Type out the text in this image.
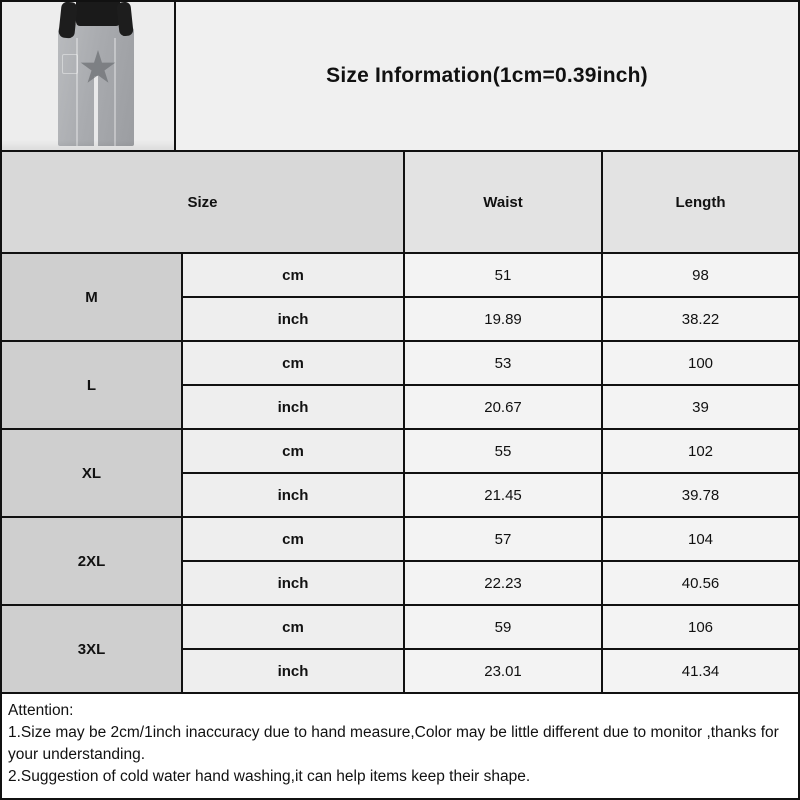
Size Information(1cm=0.39inch)
Size		Waist	Length
M	cm	51	98
	inch	19.89	38.22
L	cm	53	100
	inch	20.67	39
XL	cm	55	102
	inch	21.45	39.78
2XL	cm	57	104
	inch	22.23	40.56
3XL	cm	59	106
	inch	23.01	41.34

Attention:

1.Size may be 2cm/1inch inaccuracy due to hand measure,Color may be little different due to monitor ,thanks for your understanding.

2.Suggestion of cold water hand washing,it can help items keep their shape.
